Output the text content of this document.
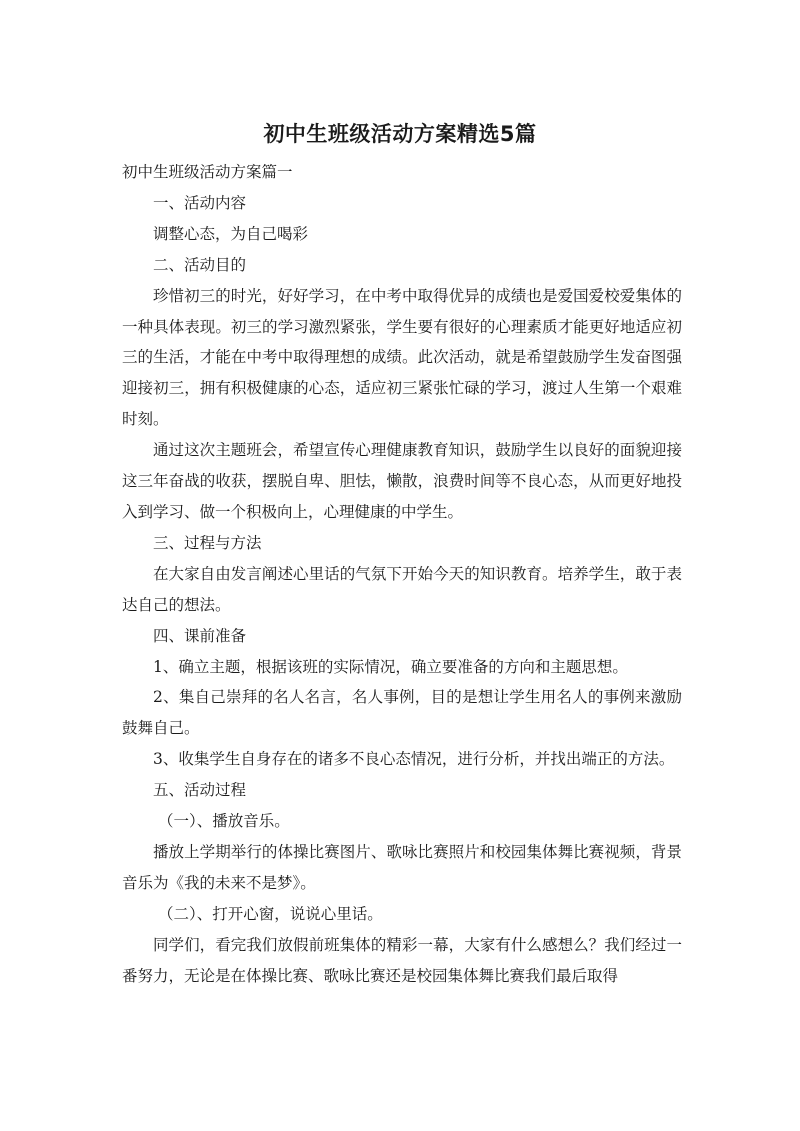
初中生班级活动方案精选5篇

初中生班级活动方案篇一

一、活动内容

调整心态，为自己喝彩

二、活动目的

珍惜初三的时光，好好学习，在中考中取得优异的成绩也是爱国爱校爱集体的一种具体表现。初三的学习激烈紧张，学生要有很好的心理素质才能更好地适应初三的生活，才能在中考中取得理想的成绩。此次活动，就是希望鼓励学生发奋图强迎接初三，拥有积极健康的心态，适应初三紧张忙碌的学习，渡过人生第一个艰难时刻。

通过这次主题班会，希望宣传心理健康教育知识，鼓励学生以良好的面貌迎接这三年奋战的收获，摆脱自卑、胆怯，懒散，浪费时间等不良心态，从而更好地投入到学习、做一个积极向上，心理健康的中学生。

三、过程与方法

在大家自由发言阐述心里话的气氛下开始今天的知识教育。培养学生，敢于表达自己的想法。

四、课前准备

1、确立主题，根据该班的实际情况，确立要准备的方向和主题思想。

2、集自己崇拜的名人名言，名人事例，目的是想让学生用名人的事例来激励鼓舞自己。

3、收集学生自身存在的诸多不良心态情况，进行分析，并找出端正的方法。

五、活动过程

（一）、播放音乐。

播放上学期举行的体操比赛图片、歌咏比赛照片和校园集体舞比赛视频，背景音乐为《我的未来不是梦》。

（二）、打开心窗，说说心里话。

同学们，看完我们放假前班集体的精彩一幕，大家有什么感想么？我们经过一番努力，无论是在体操比赛、歌咏比赛还是校园集体舞比赛我们最后取得
